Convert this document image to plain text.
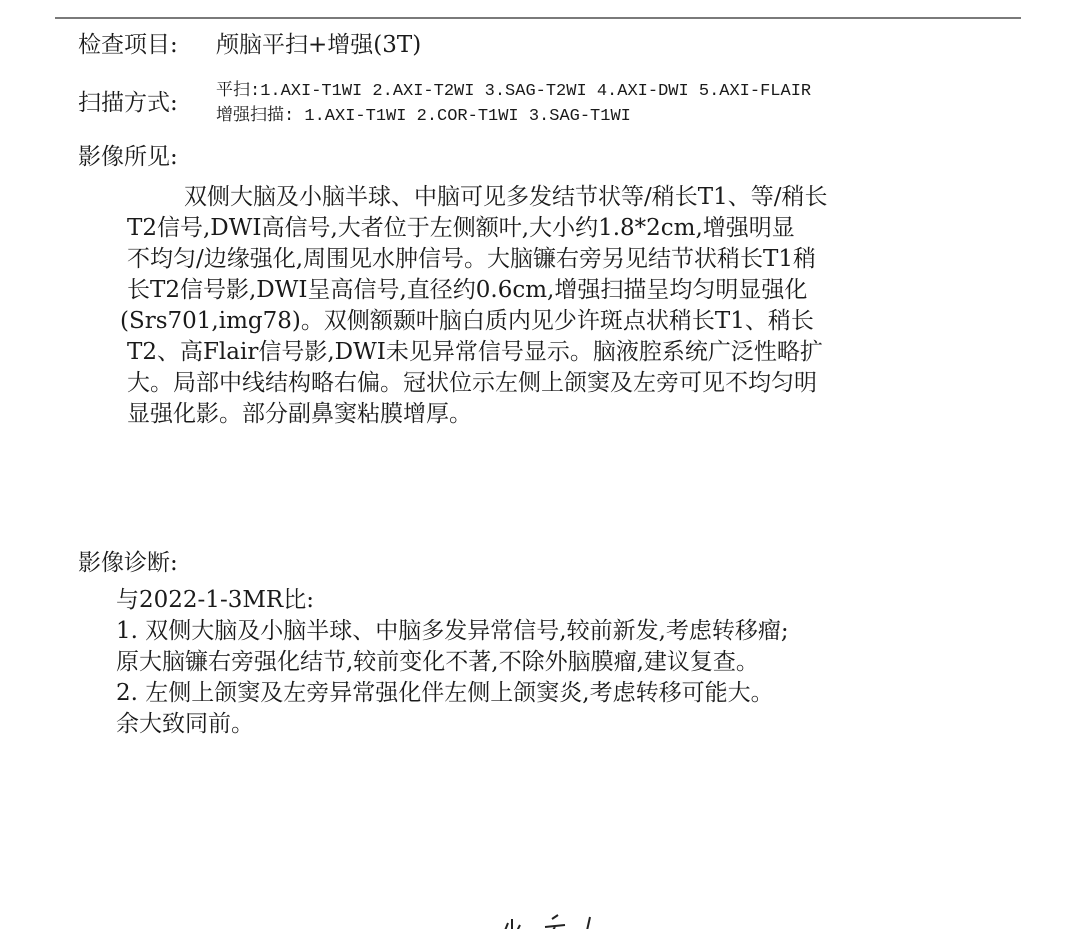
检查项目: 颅脑平扫+增强(3T)
扫描方式: 平扫:1.AXI-T1WI 2.AXI-T2WI 3.SAG-T2WI 4.AXI-DWI 5.AXI-FLAIR
增强扫描: 1.AXI-T1WI 2.COR-T1WI 3.SAG-T1WI
影像所见:
双侧大脑及小脑半球、中脑可见多发结节状等/稍长T1、等/稍长
T2信号,DWI高信号,大者位于左侧额叶,大小约1.8*2cm,增强明显
不均匀/边缘强化,周围见水肿信号。大脑镰右旁另见结节状稍长T1稍
长T2信号影,DWI呈高信号,直径约0.6cm,增强扫描呈均匀明显强化
(Srs701,img78)。双侧额颞叶脑白质内见少许斑点状稍长T1、稍长
T2、高Flair信号影,DWI未见异常信号显示。脑液腔系统广泛性略扩
大。局部中线结构略右偏。冠状位示左侧上颌窦及左旁可见不均匀明
显强化影。部分副鼻窦粘膜增厚。
影像诊断:
与2022-1-3MR比:
1. 双侧大脑及小脑半球、中脑多发异常信号,较前新发,考虑转移瘤;
原大脑镰右旁强化结节,较前变化不著,不除外脑膜瘤,建议复查。
2. 左侧上颌窦及左旁异常强化伴左侧上颌窦炎,考虑转移可能大。
余大致同前。
